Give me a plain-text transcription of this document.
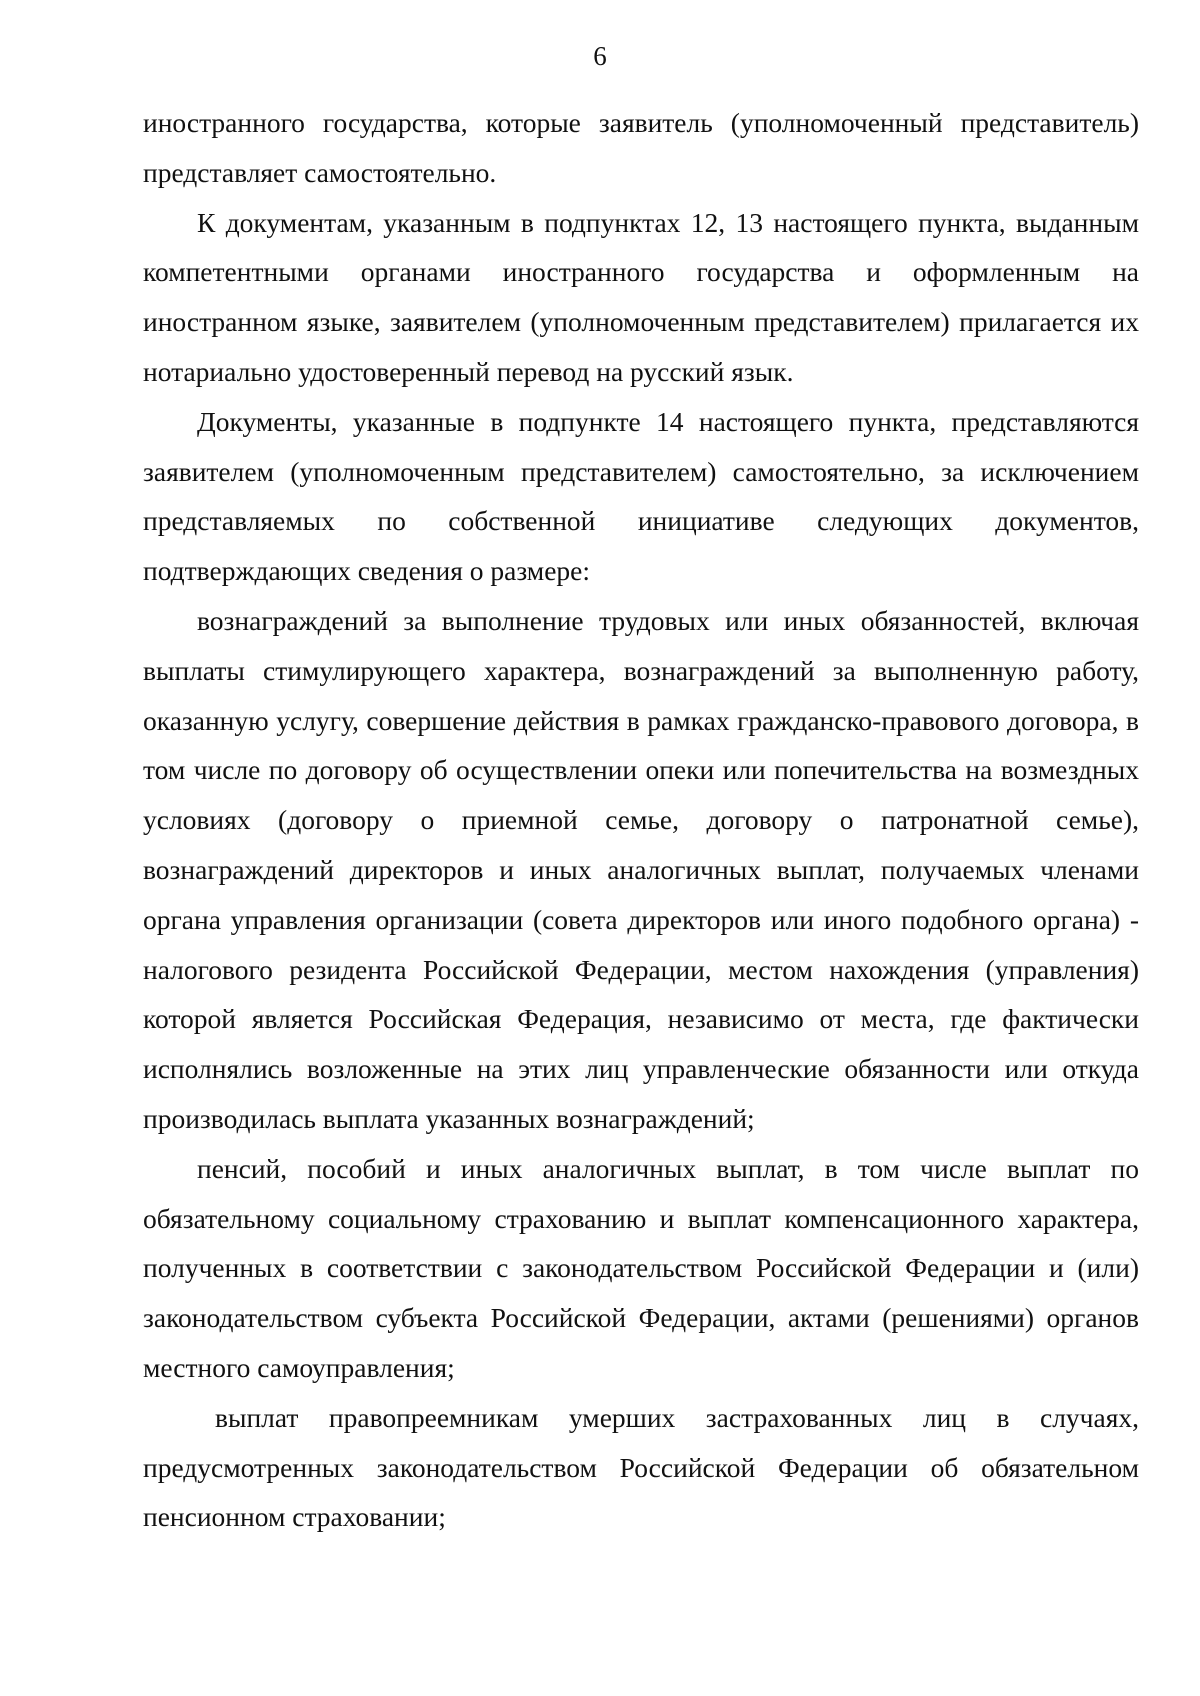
6

иностранного государства, которые заявитель (уполномоченный представитель) представляет самостоятельно.

К документам, указанным в подпунктах 12, 13 настоящего пункта, выданным компетентными органами иностранного государства и оформленным на иностранном языке, заявителем (уполномоченным представителем) прилагается их нотариально удостоверенный перевод на русский язык.

Документы, указанные в подпункте 14 настоящего пункта, представляются заявителем (уполномоченным представителем) самостоятельно, за исключением представляемых по собственной инициативе следующих документов, подтверждающих сведения о размере:

вознаграждений за выполнение трудовых или иных обязанностей, включая выплаты стимулирующего характера, вознаграждений за выполненную работу, оказанную услугу, совершение действия в рамках гражданско-правового договора, в том числе по договору об осуществлении опеки или попечительства на возмездных условиях (договору о приемной семье, договору о патронатной семье), вознаграждений директоров и иных аналогичных выплат, получаемых членами органа управления организации (совета директоров или иного подобного органа) - налогового резидента Российской Федерации, местом нахождения (управления) которой является Российская Федерация, независимо от места, где фактически исполнялись возложенные на этих лиц управленческие обязанности или откуда производилась выплата указанных вознаграждений;

пенсий, пособий и иных аналогичных выплат, в том числе выплат по обязательному социальному страхованию и выплат компенсационного характера, полученных в соответствии с законодательством Российской Федерации и (или) законодательством субъекта Российской Федерации, актами (решениями) органов местного самоуправления;

выплат правопреемникам умерших застрахованных лиц в случаях, предусмотренных законодательством Российской Федерации об обязательном пенсионном страховании;
